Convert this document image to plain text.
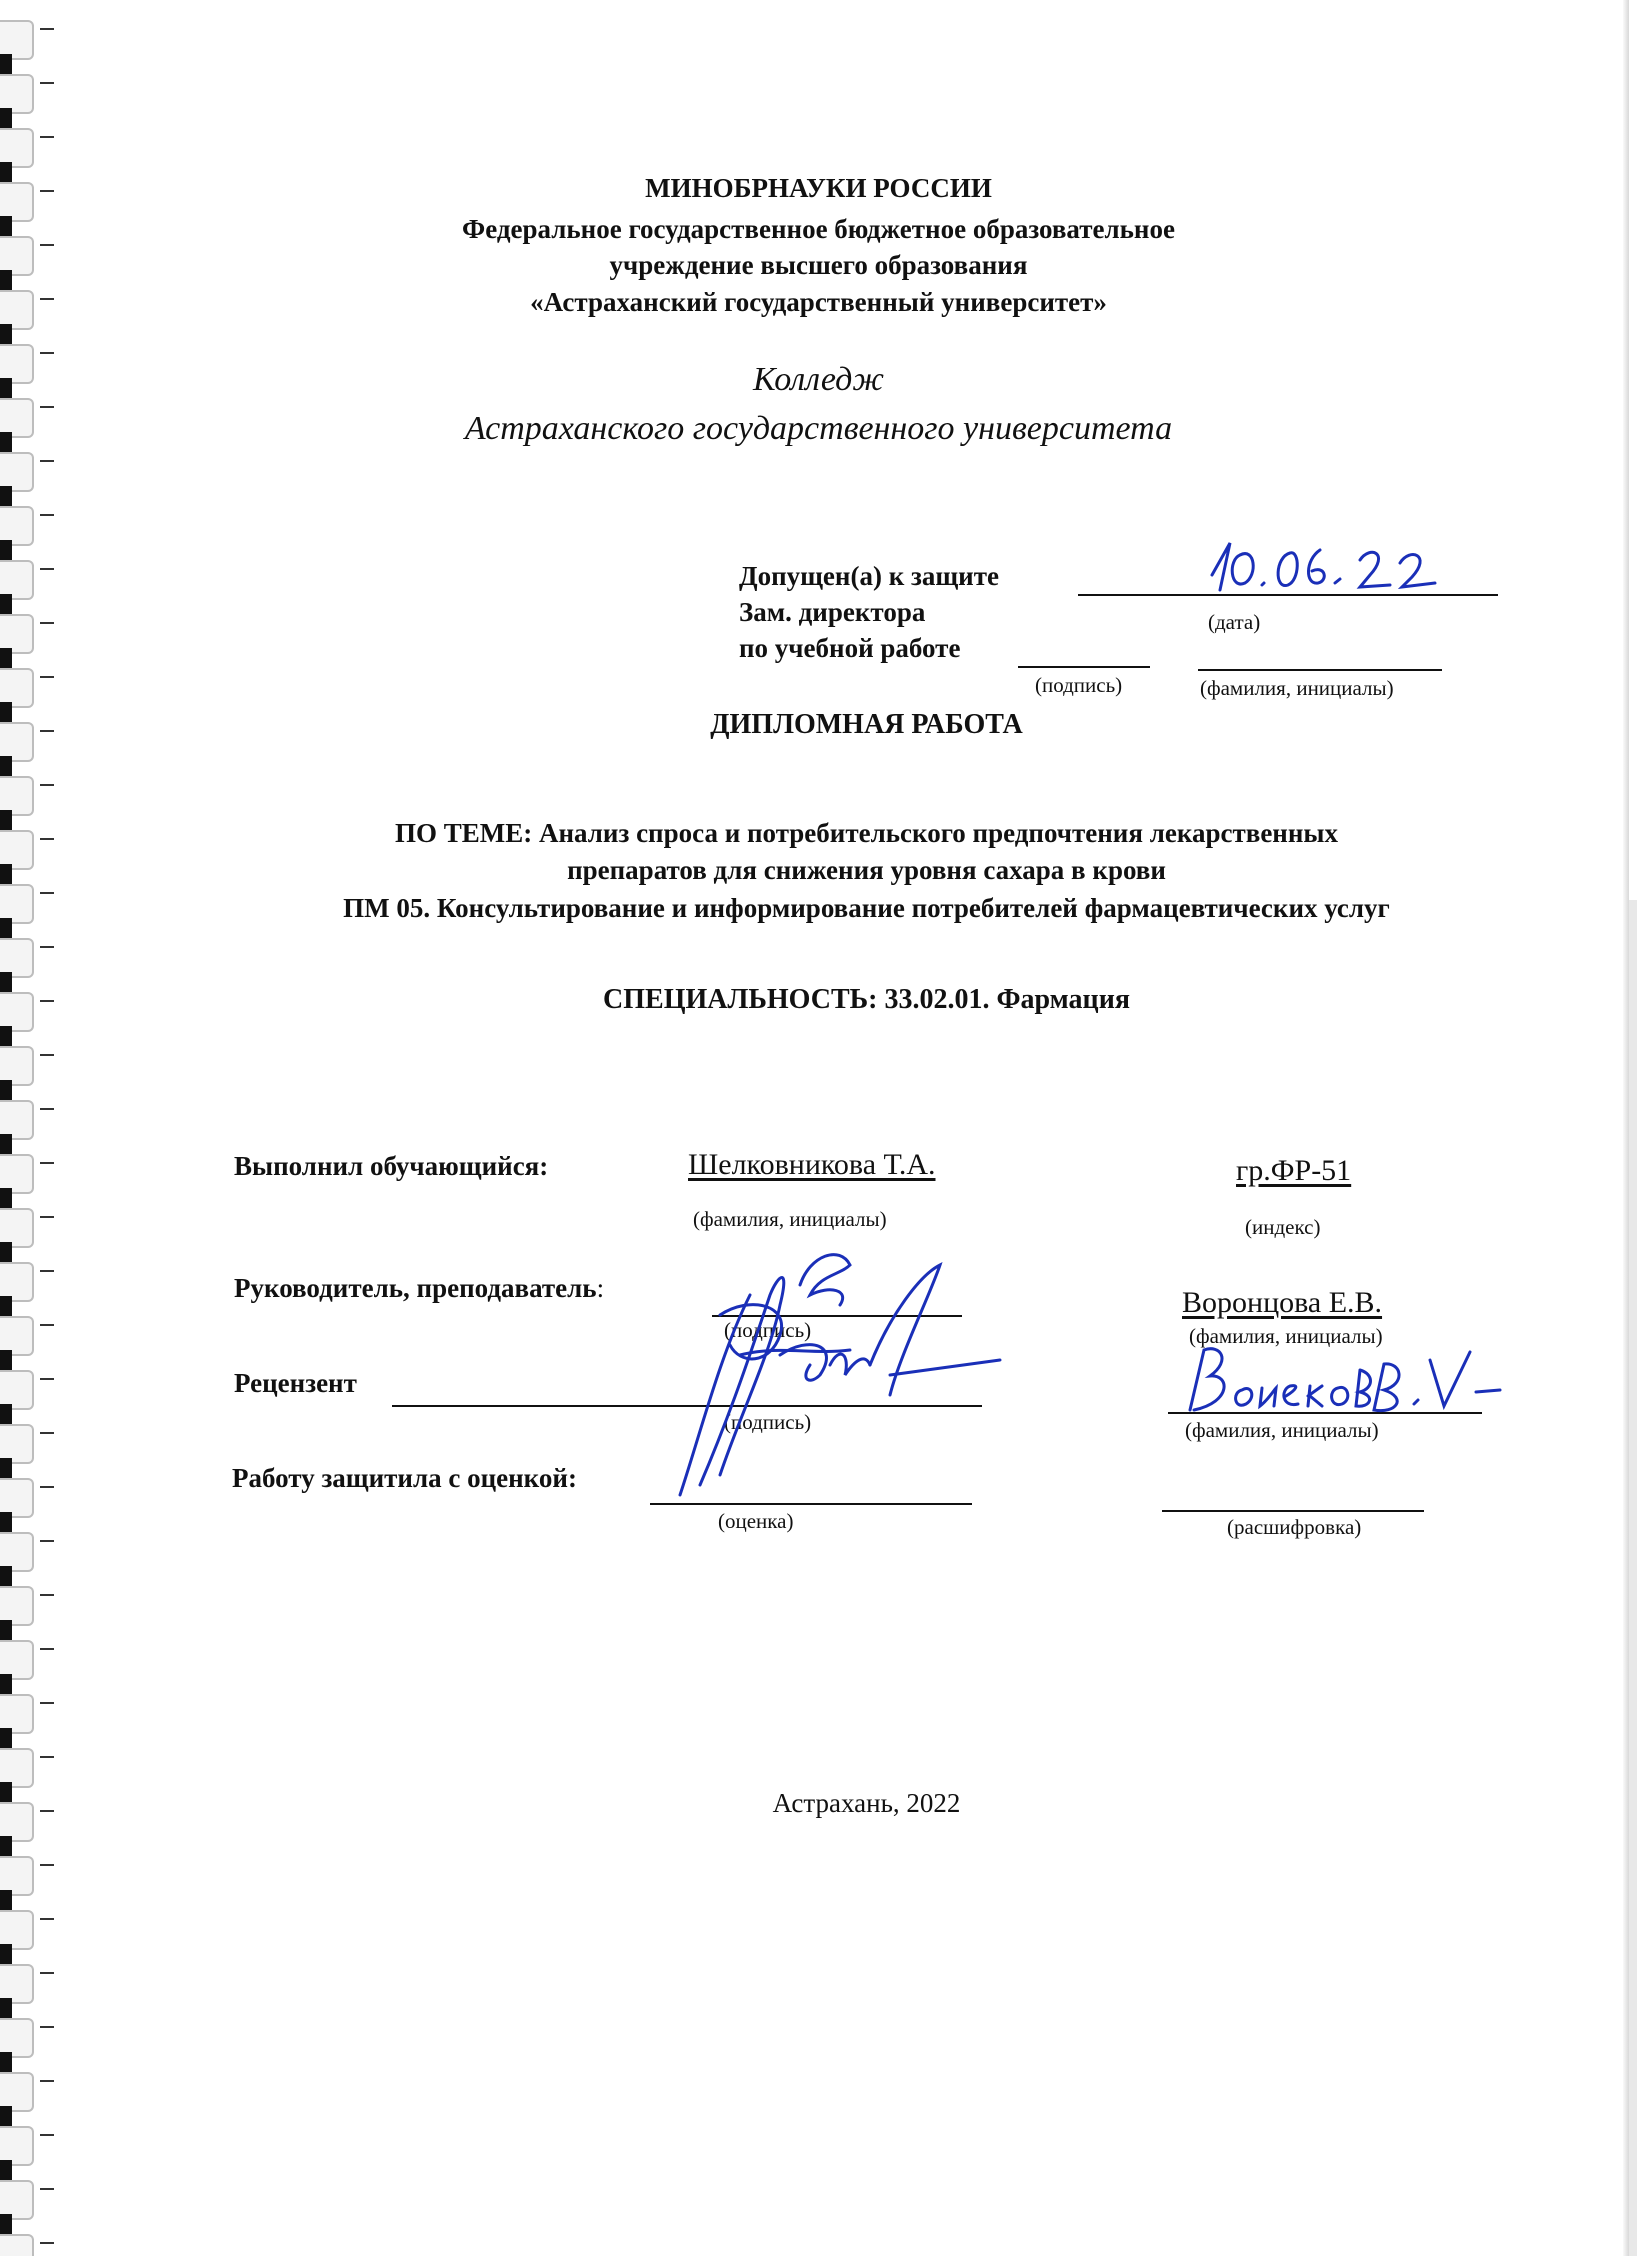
МИНОБРНАУКИ РОССИИ
Федеральное государственное бюджетное образовательное
учреждение высшего образования
«Астраханский государственный университет»
Колледж
Астраханского государственного университета
Допущен(а) к защите
(дата)
Зам. директора
по учебной работе
(подпись)	(фамилия, инициалы)
ДИПЛОМНАЯ РАБОТА
ПО ТЕМЕ: Анализ спроса и потребительского предпочтения лекарственных
препаратов для снижения уровня сахара в крови
ПМ 05. Консультирование и информирование потребителей фармацевтических услуг
СПЕЦИАЛЬНОСТЬ: 33.02.01. Фармация
Выполнил обучающийся:	Шелковникова Т.А.
(фамилия, инициалы)
гр.ФР-51
(индекс)
Руководитель, преподаватель:
(подпись)
Воронцова Е.В.
(фамилия, инициалы)
Рецензент
(подпись)	(фамилия, инициалы)
Работу защитила с оценкой:
(оценка)	(расшифровка)
Астрахань, 2022
